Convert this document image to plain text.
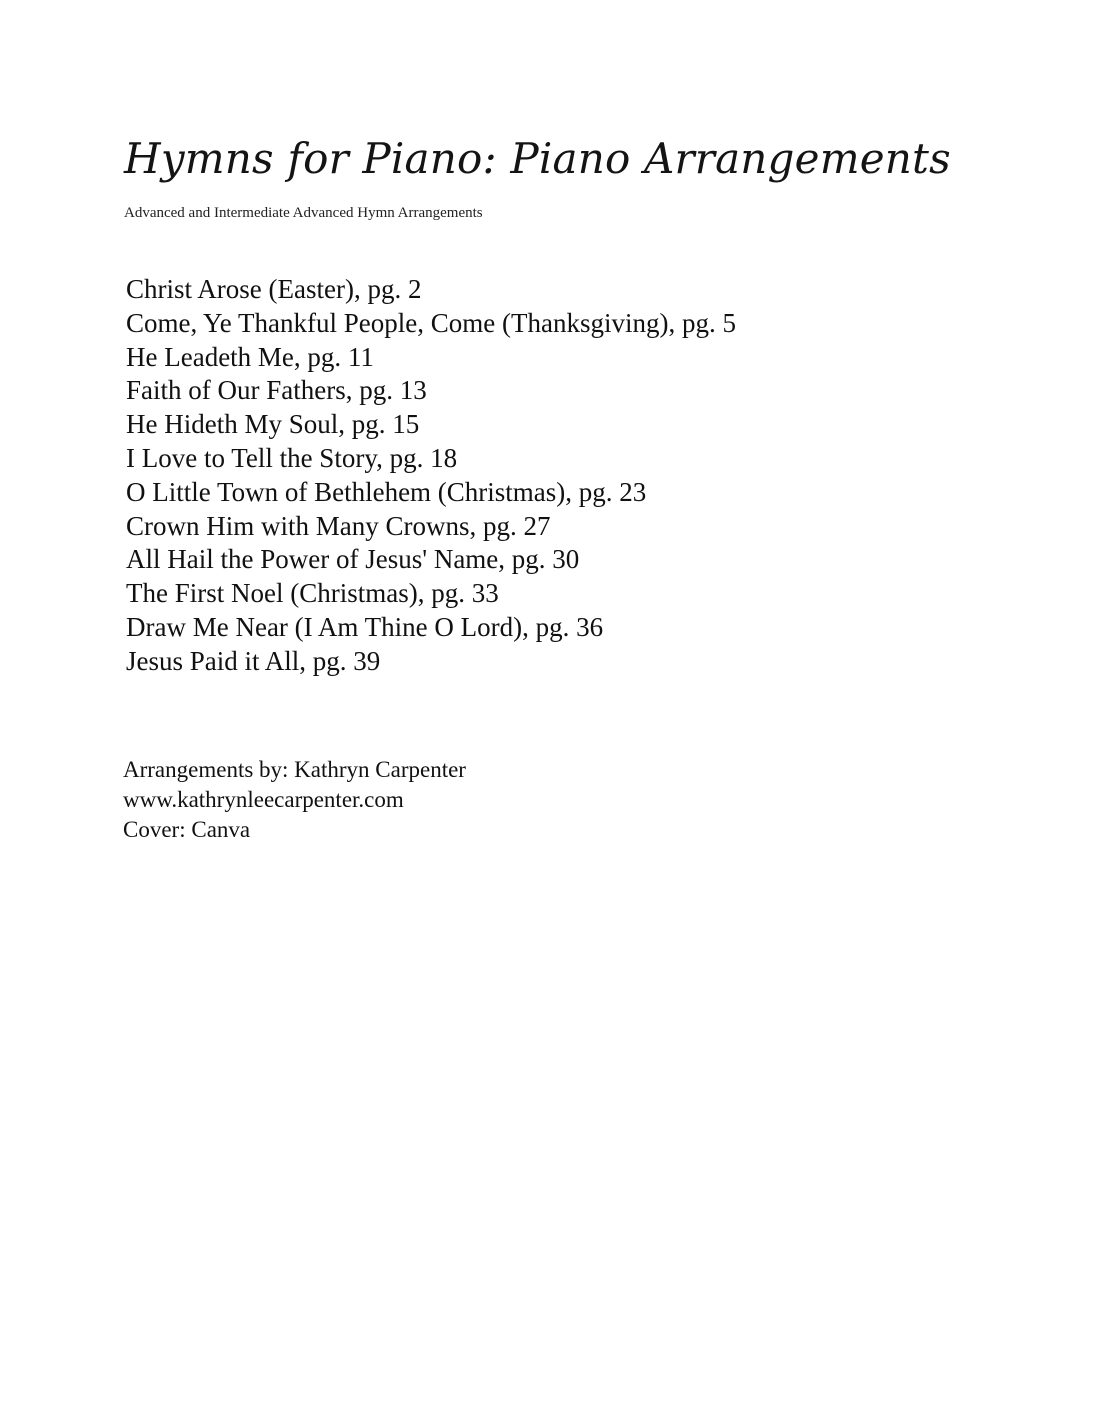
Hymns for Piano: Piano Arrangements

Advanced and Intermediate Advanced Hymn Arrangements

Christ Arose (Easter), pg. 2
Come, Ye Thankful People, Come (Thanksgiving), pg. 5
He Leadeth Me, pg. 11
Faith of Our Fathers, pg. 13
He Hideth My Soul, pg. 15
I Love to Tell the Story, pg. 18
O Little Town of Bethlehem (Christmas), pg. 23
Crown Him with Many Crowns, pg. 27
All Hail the Power of Jesus' Name, pg. 30
The First Noel (Christmas), pg. 33
Draw Me Near (I Am Thine O Lord), pg. 36
Jesus Paid it All, pg. 39
Arrangements by: Kathryn Carpenter
www.kathrynleecarpenter.com
Cover: Canva
